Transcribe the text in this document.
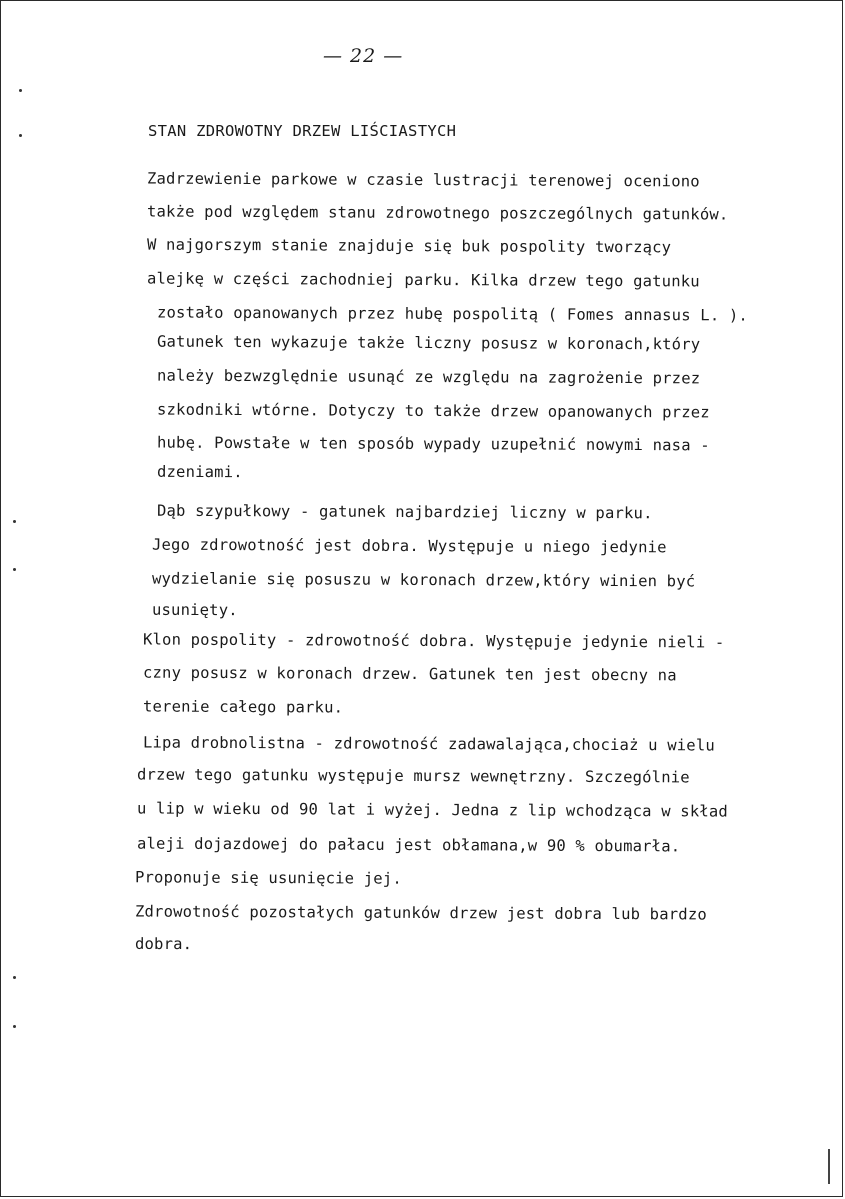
— 22 —
STAN ZDROWOTNY DRZEW LIŚCIASTYCH
Zadrzewienie parkowe w czasie lustracji terenowej oceniono
także pod względem stanu zdrowotnego poszczególnych gatunków.
W najgorszym stanie znajduje się buk pospolity tworzący
alejkę w części zachodniej parku. Kilka drzew tego gatunku
zostało opanowanych przez hubę pospolitą ( Fomes annasus L. ).
Gatunek ten wykazuje także liczny posusz w koronach,który
należy bezwzględnie usunąć ze względu na zagrożenie przez
szkodniki wtórne. Dotyczy to także drzew opanowanych przez
hubę. Powstałe w ten sposób wypady uzupełnić nowymi nasa -
dzeniami.
Dąb szypułkowy - gatunek najbardziej liczny w parku.
Jego zdrowotność jest dobra. Występuje u niego jedynie
wydzielanie się posuszu w koronach drzew,który winien być
usunięty.
Klon pospolity - zdrowotność dobra. Występuje jedynie nieli -
czny posusz w koronach drzew. Gatunek ten jest obecny na
terenie całego parku.
Lipa drobnolistna - zdrowotność zadawalająca,chociaż u wielu
drzew tego gatunku występuje mursz wewnętrzny. Szczególnie
u lip w wieku od 90 lat i wyżej. Jedna z lip wchodząca w skład
aleji dojazdowej do pałacu jest obłamana,w 90 % obumarła.
Proponuje się usunięcie jej.
Zdrowotność pozostałych gatunków drzew jest dobra lub bardzo
dobra.
